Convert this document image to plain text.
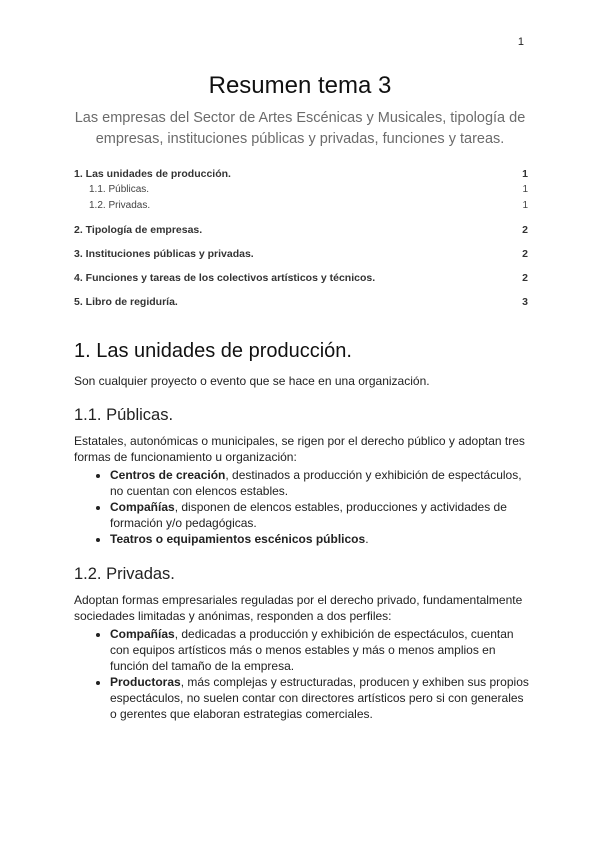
1
Resumen tema 3

Las empresas del Sector de Artes Escénicas y Musicales, tipología de empresas, instituciones públicas y privadas, funciones y tareas.

1. Las unidades de producción.	1
1.1. Públicas.	1
1.2. Privadas.	1
2. Tipología de empresas.	2
3. Instituciones públicas y privadas.	2
4. Funciones y tareas de los colectivos artísticos y técnicos.	2
5. Libro de regiduría.	3
1. Las unidades de producción.

Son cualquier proyecto o evento que se hace en una organización.

1.1. Públicas.

Estatales, autonómicas o municipales, se rigen por el derecho público y adoptan tres formas de funcionamiento u organización:

• Centros de creación, destinados a producción y exhibición de espectáculos, no cuentan con elencos estables.
• Compañías, disponen de elencos estables, producciones y actividades de formación y/o pedagógicas.
• Teatros o equipamientos escénicos públicos.
1.2. Privadas.

Adoptan formas empresariales reguladas por el derecho privado, fundamentalmente sociedades limitadas y anónimas, responden a dos perfiles:

• Compañías, dedicadas a producción y exhibición de espectáculos, cuentan con equipos artísticos más o menos estables y más o menos amplios en función del tamaño de la empresa.
• Productoras, más complejas y estructuradas, producen y exhiben sus propios espectáculos, no suelen contar con directores artísticos pero si con generales o gerentes que elaboran estrategias comerciales.
